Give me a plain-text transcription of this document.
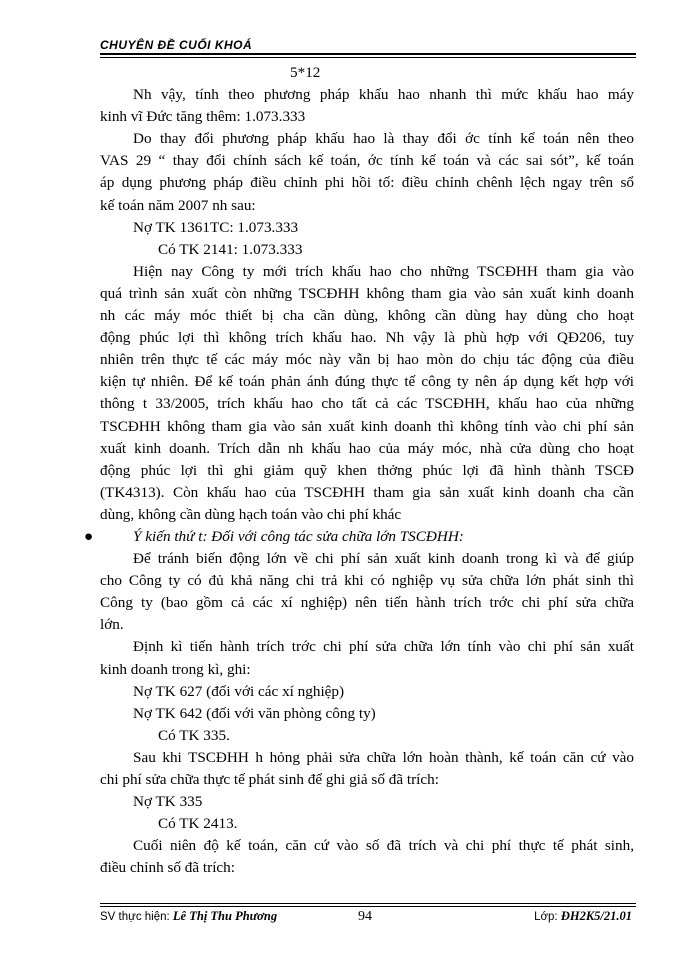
CHUYÊN ĐỀ CUỐI KHOÁ
5*12
Nh vậy, tính theo phương pháp khấu hao nhanh thì mức khấu hao máy
kinh vĩ Đức tăng thêm: 1.073.333
Do thay đổi phương pháp khấu hao là thay đổi ớc tính kế toán nên theo
VAS 29 “ thay đổi chính sách kế toán, ớc tính kế toán và các sai sót”, kế toán
áp dụng phương pháp điều chỉnh phi hồi tố: điều chỉnh chênh lệch ngay trên sổ
kế toán năm 2007 nh sau:
Nợ TK 1361TC: 1.073.333
Có TK 2141: 1.073.333
Hiện nay Công ty mới trích khấu hao cho những TSCĐHH tham gia vào
quá trình sản xuất còn những TSCĐHH không tham gia vào sản xuất kinh doanh
nh các máy móc thiết bị cha cần dùng, không cần dùng hay dùng cho hoạt
động phúc lợi thì không trích khấu hao. Nh vậy là phù hợp với QĐ206, tuy
nhiên trên thực tế các máy móc này vẫn bị hao mòn do chịu tác động của điều
kiện tự nhiên. Để kế toán phản ánh đúng thực tế công ty nên áp dụng kết hợp với
thông t 33/2005, trích khấu hao cho tất cả các TSCĐHH, khấu hao của những
TSCĐHH không tham gia vào sản xuất kinh doanh thì không tính vào chi phí sản
xuất kinh doanh. Trích dẫn nh khấu hao của máy móc, nhà cửa dùng cho hoạt
động phúc lợi thì ghi giảm quỹ khen thởng phúc lợi đã hình thành TSCĐ
(TK4313). Còn khấu hao của TSCĐHH tham gia sản xuất kinh doanh cha cần
dùng, không cần dùng hạch toán vào chi phí khác
●	Ý kiến thứ t: Đối với công tác sửa chữa lớn TSCĐHH:
Để tránh biến động lớn về chi phí sản xuất kinh doanh trong kì và để giúp
cho Công ty có đủ khả năng chi trả khi có nghiệp vụ sửa chữa lớn phát sinh thì
Công ty (bao gồm cả các xí nghiệp) nên tiến hành trích trớc chi phí sửa chữa
lớn.
Định kì tiến hành trích trớc chi phí sửa chữa lớn tính vào chi phí sản xuất
kinh doanh trong kì, ghi:
Nợ TK 627 (đối với các xí nghiệp)
Nợ TK 642 (đối với văn phòng công ty)
Có TK 335.
Sau khi TSCĐHH h hỏng phải sửa chữa lớn hoàn thành, kế toán căn cứ vào
chi phí sửa chữa thực tế phát sinh để ghi giả số đã trích:
Nợ TK 335
Có TK 2413.
Cuối niên độ kế toán, căn cứ vào số đã trích và chi phí thực tế phát sinh,
điều chỉnh số đã trích:
SV thực hiện: Lê Thị Thu Phương	94	Lớp: ĐH2K5/21.01
